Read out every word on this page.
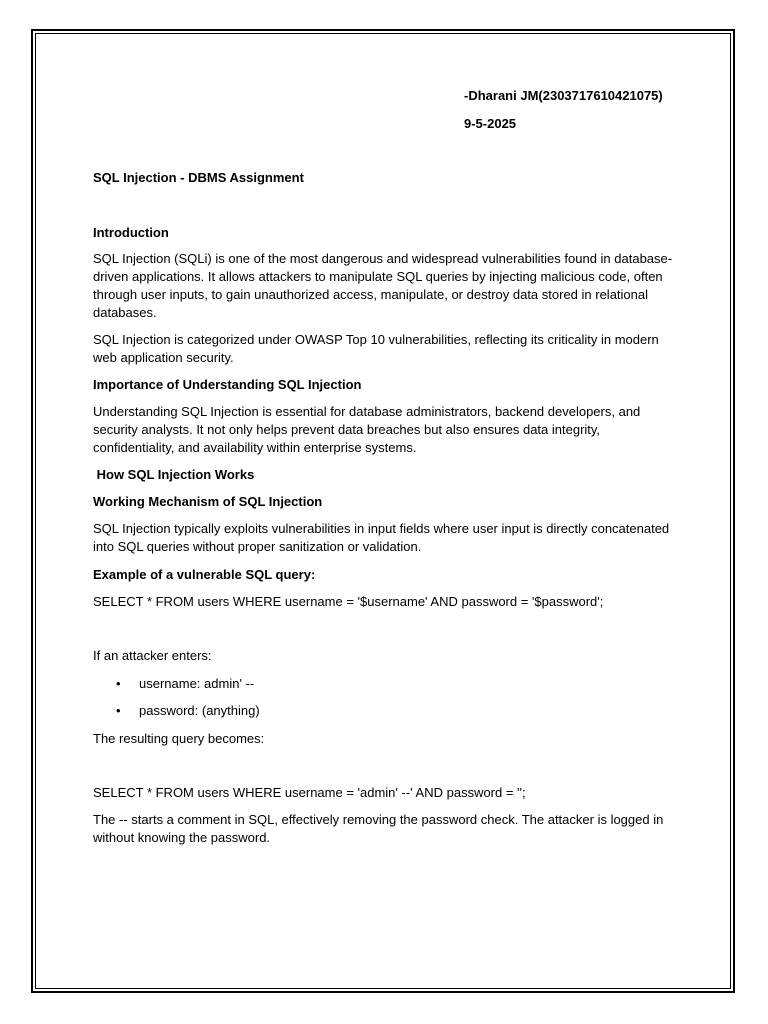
-Dharani JM(2303717610421075)
9-5-2025
SQL Injection - DBMS Assignment
Introduction
SQL Injection (SQLi) is one of the most dangerous and widespread vulnerabilities found in database-
driven applications. It allows attackers to manipulate SQL queries by injecting malicious code, often
through user inputs, to gain unauthorized access, manipulate, or destroy data stored in relational
databases.
SQL Injection is categorized under OWASP Top 10 vulnerabilities, reflecting its criticality in modern
web application security.
Importance of Understanding SQL Injection
Understanding SQL Injection is essential for database administrators, backend developers, and
security analysts. It not only helps prevent data breaches but also ensures data integrity,
confidentiality, and availability within enterprise systems.
How SQL Injection Works
Working Mechanism of SQL Injection
SQL Injection typically exploits vulnerabilities in input fields where user input is directly concatenated
into SQL queries without proper sanitization or validation.
Example of a vulnerable SQL query:
SELECT * FROM users WHERE username = '$username' AND password = '$password';
If an attacker enters:
• username: admin' --
• password: (anything)
The resulting query becomes:
SELECT * FROM users WHERE username = 'admin' --' AND password = '';
The -- starts a comment in SQL, effectively removing the password check. The attacker is logged in
without knowing the password.
